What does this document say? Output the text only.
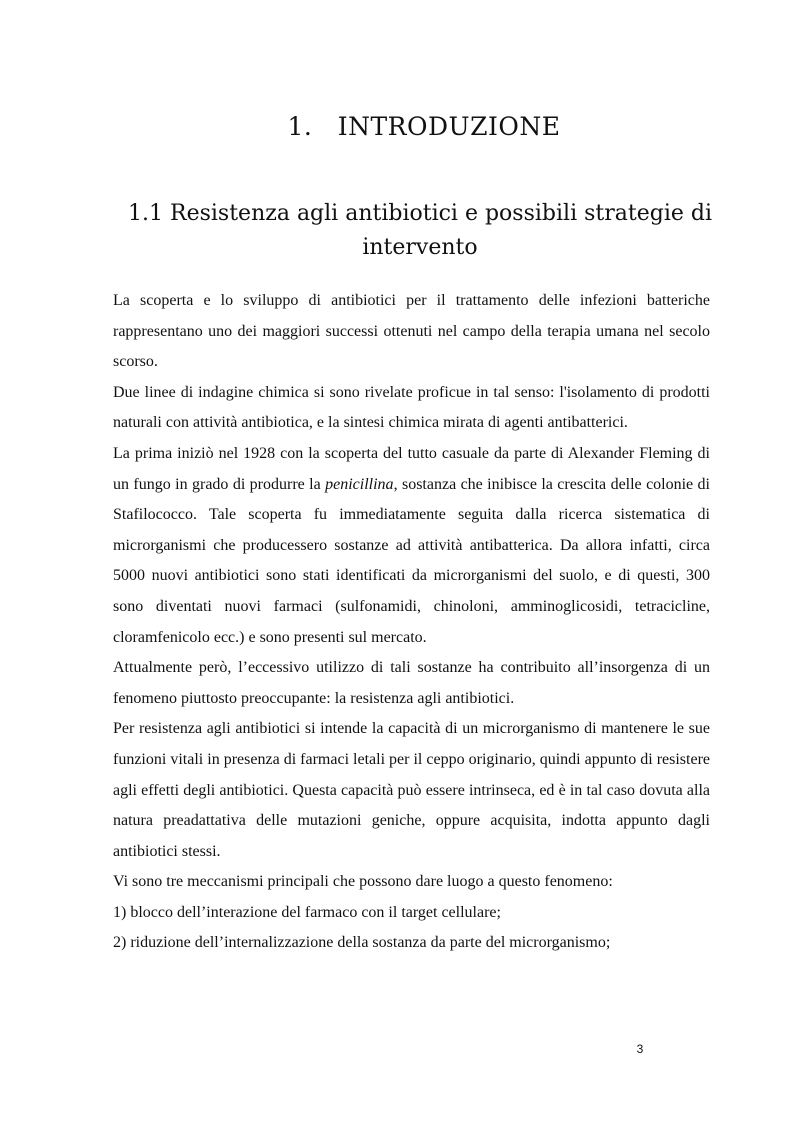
1. INTRODUZIONE
1.1 Resistenza agli antibiotici e possibili strategie di intervento

La scoperta e lo sviluppo di antibiotici per il trattamento delle infezioni batteriche rappresentano uno dei maggiori successi ottenuti nel campo della terapia umana nel secolo scorso.

Due linee di indagine chimica si sono rivelate proficue in tal senso: l'isolamento di prodotti naturali con attività antibiotica, e la sintesi chimica mirata di agenti antibatterici.

La prima iniziò nel 1928 con la scoperta del tutto casuale da parte di Alexander Fleming di un fungo in grado di produrre la penicillina, sostanza che inibisce la crescita delle colonie di Stafilococco. Tale scoperta fu immediatamente seguita dalla ricerca sistematica di microrganismi che producessero sostanze ad attività antibatterica. Da allora infatti, circa 5000 nuovi antibiotici sono stati identificati da microrganismi del suolo, e di questi, 300 sono diventati nuovi farmaci (sulfonamidi, chinoloni, amminoglicosidi, tetracicline, cloramfenicolo ecc.) e sono presenti sul mercato.

Attualmente però, l’eccessivo utilizzo di tali sostanze ha contribuito all’insorgenza di un fenomeno piuttosto preoccupante: la resistenza agli antibiotici.

Per resistenza agli antibiotici si intende la capacità di un microrganismo di mantenere le sue funzioni vitali in presenza di farmaci letali per il ceppo originario, quindi appunto di resistere agli effetti degli antibiotici. Questa capacità può essere intrinseca, ed è in tal caso dovuta alla natura preadattativa delle mutazioni geniche, oppure acquisita, indotta appunto dagli antibiotici stessi.

Vi sono tre meccanismi principali che possono dare luogo a questo fenomeno:

1) blocco dell’interazione del farmaco con il target cellulare;

2) riduzione dell’internalizzazione della sostanza da parte del microrganismo;

3
